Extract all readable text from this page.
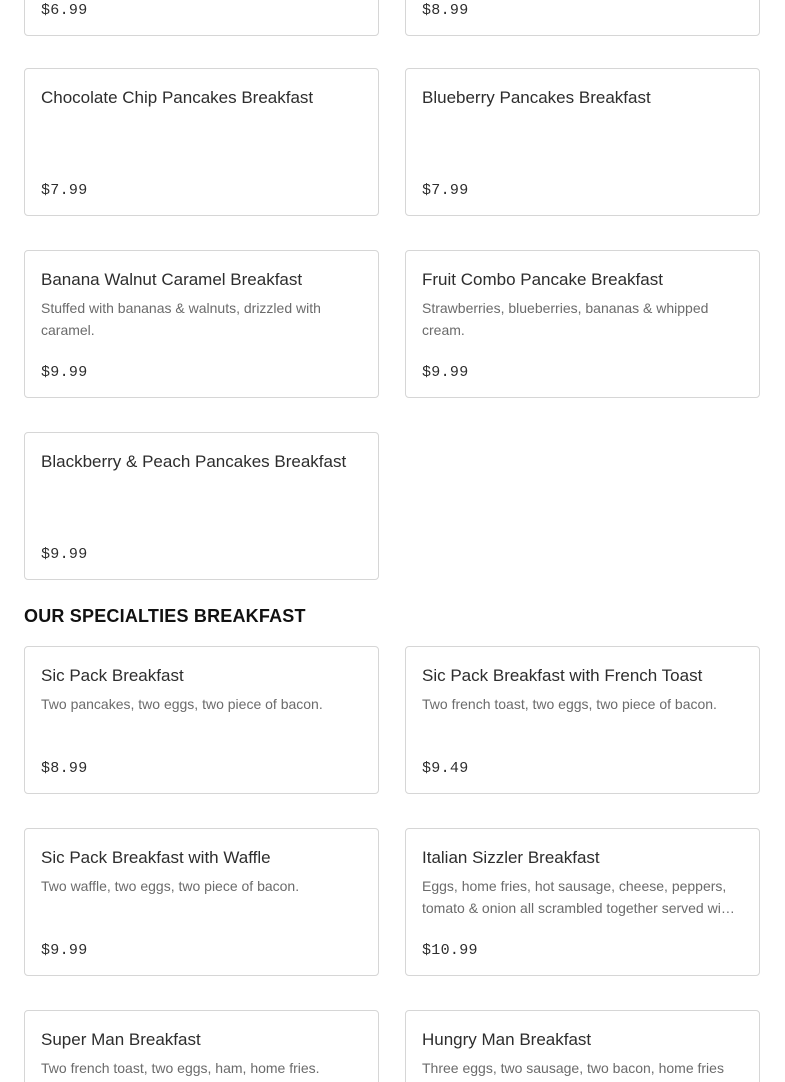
$6.99	$8.99
Chocolate Chip Pancakes Breakfast
$7.99
Blueberry Pancakes Breakfast
$7.99
Banana Walnut Caramel Breakfast
Stuffed with bananas & walnuts, drizzled with caramel.
$9.99
Fruit Combo Pancake Breakfast
Strawberries, blueberries, bananas & whipped cream.
$9.99
Blackberry & Peach Pancakes Breakfast
$9.99
OUR SPECIALTIES BREAKFAST
Sic Pack Breakfast
Two pancakes, two eggs, two piece of bacon.
$8.99
Sic Pack Breakfast with French Toast
Two french toast, two eggs, two piece of bacon.
$9.49
Sic Pack Breakfast with Waffle
Two waffle, two eggs, two piece of bacon.
$9.99
Italian Sizzler Breakfast
Eggs, home fries, hot sausage, cheese, peppers, tomato & onion all scrambled together served wi…
$10.99
Super Man Breakfast
Two french toast, two eggs, ham, home fries.
Hungry Man Breakfast
Three eggs, two sausage, two bacon, home fries
